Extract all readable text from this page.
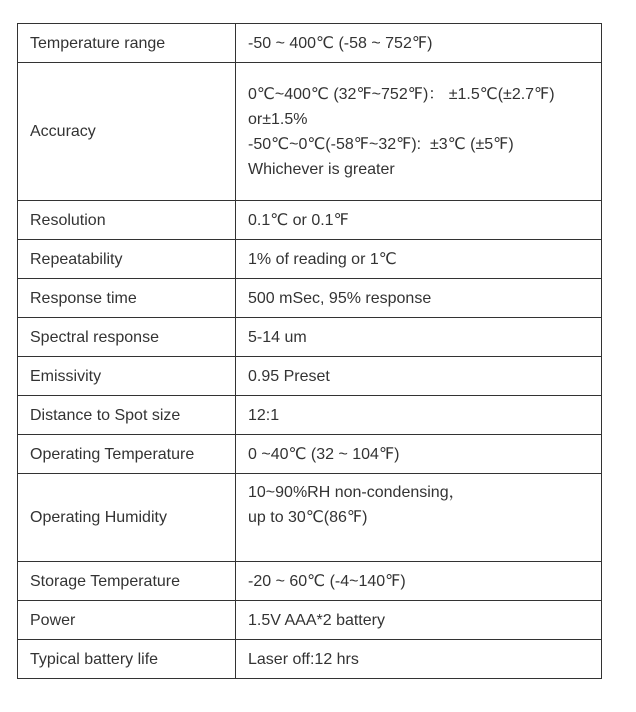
Temperature range	-50 ~ 400℃ (-58 ~ 752℉)

Accuracy	0℃~400℃ (32℉~752℉)： ±1.5℃(±2.7℉)
or±1.5%
-50℃~0℃(-58℉~32℉):  ±3℃ (±5℉)
Whichever is greater

Resolution	0.1℃ or 0.1℉

Repeatability	1% of reading or 1℃

Response time	500 mSec, 95% response

Spectral response	5-14 um

Emissivity	0.95 Preset

Distance to Spot size	12:1

Operating Temperature	0 ~40℃ (32 ~ 104℉)

Operating Humidity	10~90%RH non-condensing，
up to 30℃(86℉)

Storage Temperature	-20 ~ 60℃ (-4~140℉)

Power	1.5V AAA*2 battery

Typical battery life	Laser off:12 hrs
